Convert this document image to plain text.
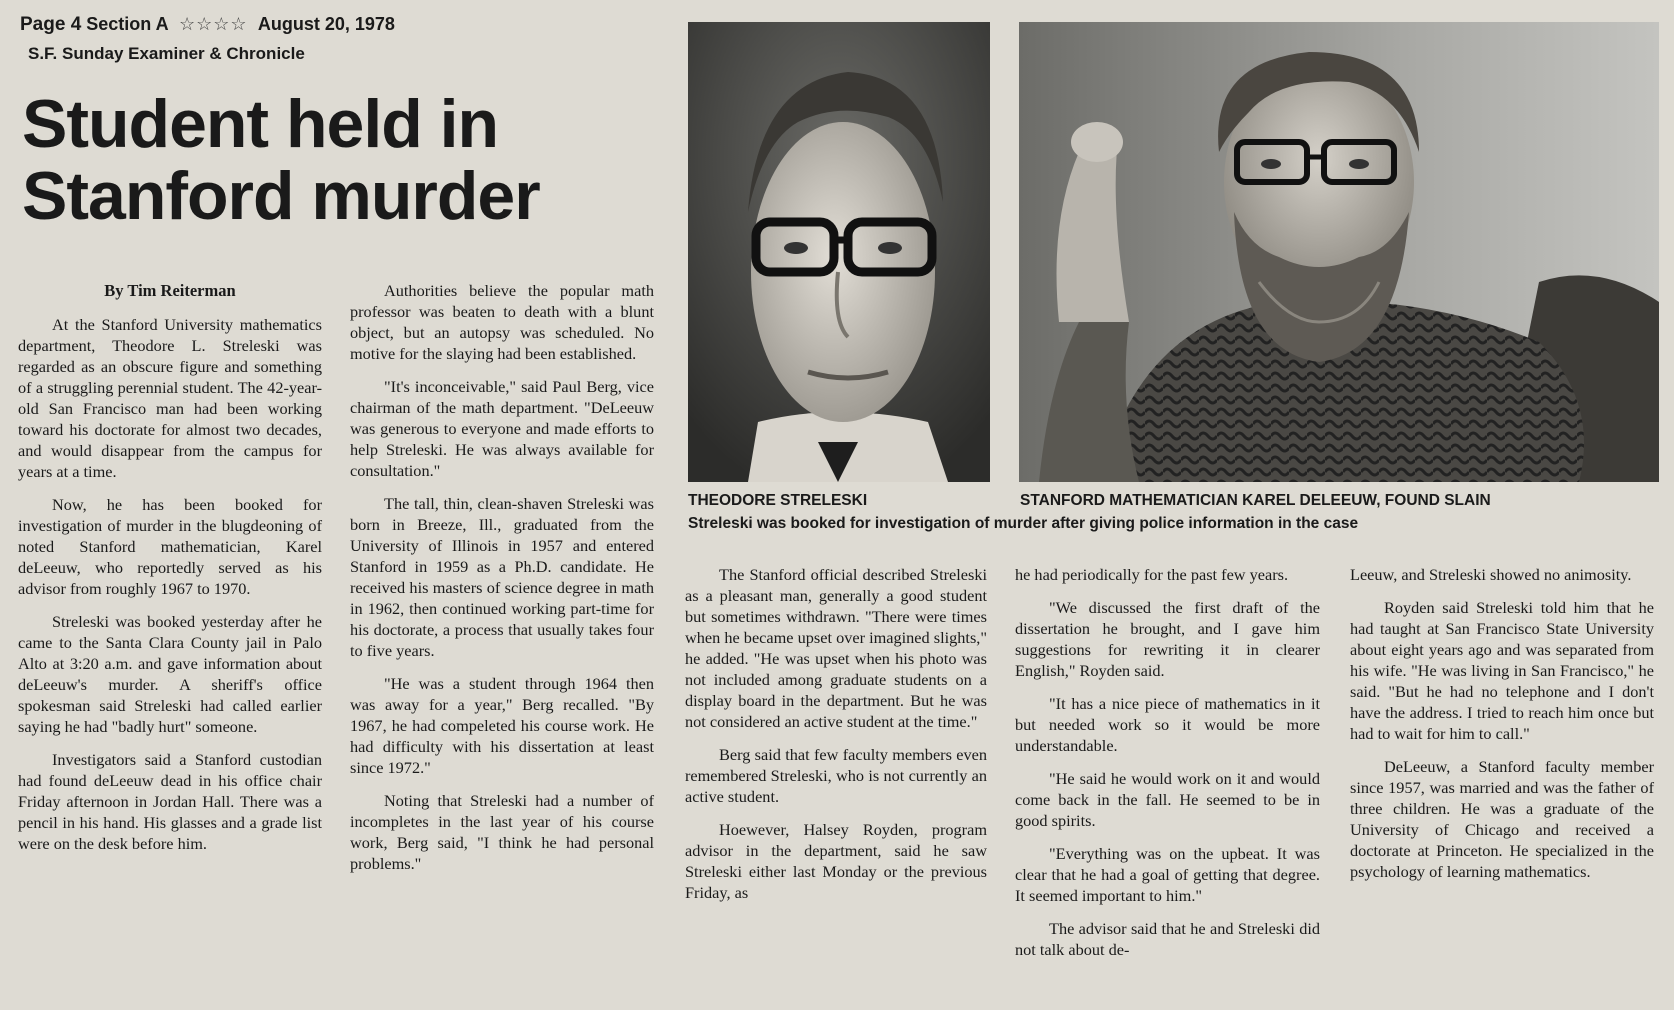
Page 4 Section A ☆☆☆☆ August 20, 1978
S.F. Sunday Examiner & Chronicle
Student held in
Stanford murder
By Tim Reiterman

At the Stanford University mathematics department, Theodore L. Streleski was regarded as an obscure figure and something of a struggling perennial student. The 42-year-old San Francisco man had been working toward his doctorate for almost two decades, and would disappear from the campus for years at a time.

Now, he has been booked for investigation of murder in the blugdeoning of noted Stanford mathematician, Karel deLeeuw, who reportedly served as his advisor from roughly 1967 to 1970.

Streleski was booked yesterday after he came to the Santa Clara County jail in Palo Alto at 3:20 a.m. and gave information about deLeeuw's murder. A sheriff's office spokesman said Streleski had called earlier saying he had "badly hurt" someone.

Investigators said a Stanford custodian had found deLeeuw dead in his office chair Friday afternoon in Jordan Hall. There was a pencil in his hand. His glasses and a grade list were on the desk before him.

Authorities believe the popular math professor was beaten to death with a blunt object, but an autopsy was scheduled. No motive for the slaying had been established.

"It's inconceivable," said Paul Berg, vice chairman of the math department. "DeLeeuw was generous to everyone and made efforts to help Streleski. He was always available for consultation."

The tall, thin, clean-shaven Streleski was born in Breeze, Ill., graduated from the University of Illinois in 1957 and entered Stanford in 1959 as a Ph.D. candidate. He received his masters of science degree in math in 1962, then continued working part-time for his doctorate, a process that usually takes four to five years.

"He was a student through 1964 then was away for a year," Berg recalled. "By 1967, he had compeleted his course work. He had difficulty with his dissertation at least since 1972."

Noting that Streleski had a number of incompletes in the last year of his course work, Berg said, "I think he had personal problems."

THEODORE STRELESKI	STANFORD MATHEMATICIAN KAREL DELEEUW, FOUND SLAIN
Streleski was booked for investigation of murder after giving police information in the case

The Stanford official described Streleski as a pleasant man, generally a good student but sometimes withdrawn. "There were times when he became upset over imagined slights," he added. "He was upset when his photo was not included among graduate students on a display board in the department. But he was not considered an active student at the time."

Berg said that few faculty members even remembered Streleski, who is not currently an active student.

Hoewever, Halsey Royden, program advisor in the department, said he saw Streleski either last Monday or the previous Friday, as

he had periodically for the past few years.

"We discussed the first draft of the dissertation he brought, and I gave him suggestions for rewriting it in clearer English," Royden said.

"It has a nice piece of mathematics in it but needed work so it would be more understandable.

"He said he would work on it and would come back in the fall. He seemed to be in good spirits.

"Everything was on the upbeat. It was clear that he had a goal of getting that degree. It seemed important to him."

The advisor said that he and Streleski did not talk about de-

Leeuw, and Streleski showed no animosity.

Royden said Streleski told him that he had taught at San Francisco State University about eight years ago and was separated from his wife. "He was living in San Francisco," he said. "But he had no telephone and I don't have the address. I tried to reach him once but had to wait for him to call."

DeLeeuw, a Stanford faculty member since 1957, was married and was the father of three children. He was a graduate of the University of Chicago and received a doctorate at Princeton. He specialized in the psychology of learning mathematics.
